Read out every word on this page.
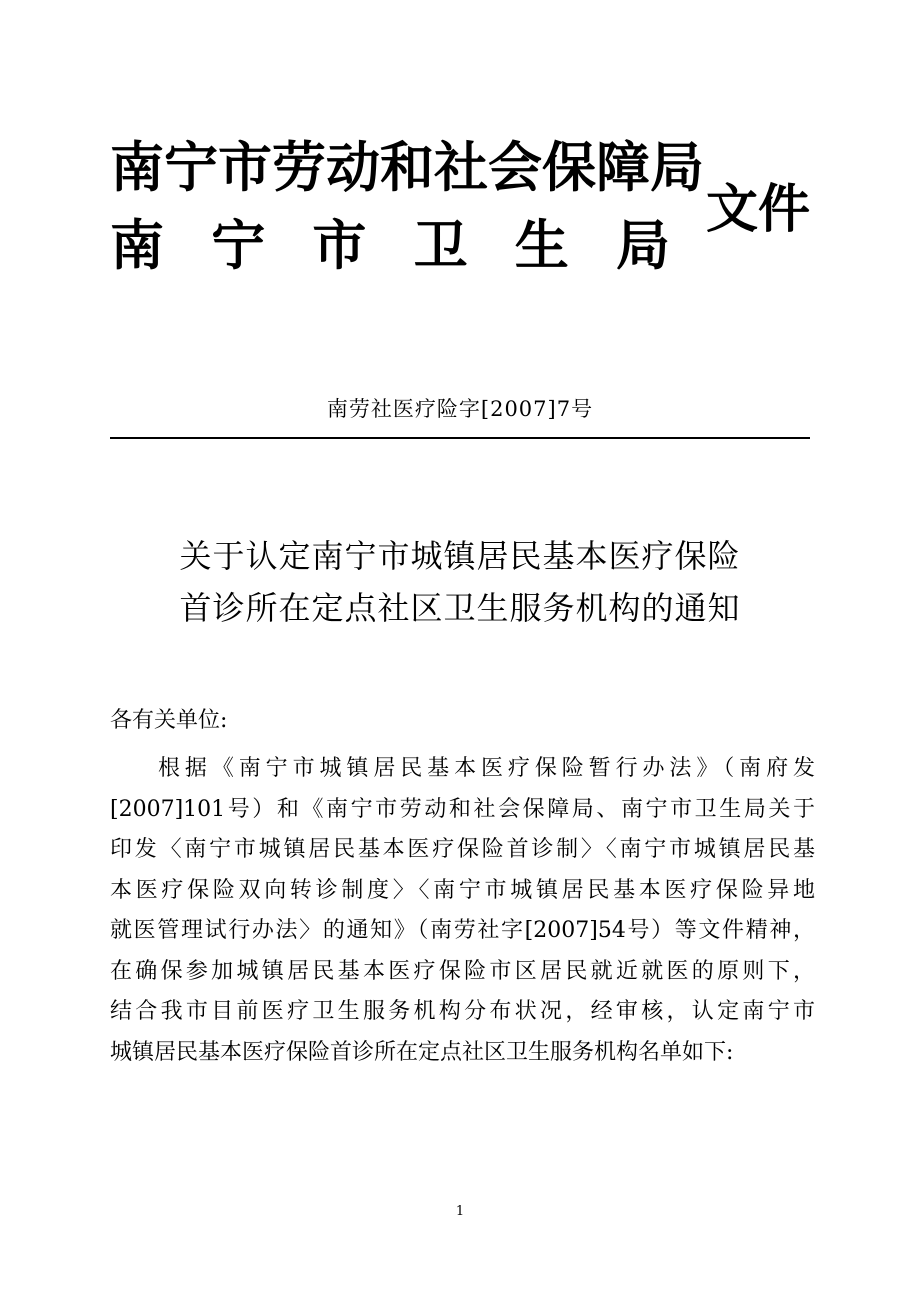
南宁市劳动和社会保障局
南 宁 市 卫 生 局
文件
南劳社医疗险字[2007]7号
关于认定南宁市城镇居民基本医疗保险
首诊所在定点社区卫生服务机构的通知
各有关单位:
根据《南宁市城镇居民基本医疗保险暂行办法》（南府发
[2007]101号）和《南宁市劳动和社会保障局、南宁市卫生局关于
印发〈南宁市城镇居民基本医疗保险首诊制〉〈南宁市城镇居民基
本医疗保险双向转诊制度〉〈南宁市城镇居民基本医疗保险异地
就医管理试行办法〉的通知》（南劳社字[2007]54号）等文件精神，
在确保参加城镇居民基本医疗保险市区居民就近就医的原则下，
结合我市目前医疗卫生服务机构分布状况，经审核，认定南宁市
城镇居民基本医疗保险首诊所在定点社区卫生服务机构名单如下:
1
